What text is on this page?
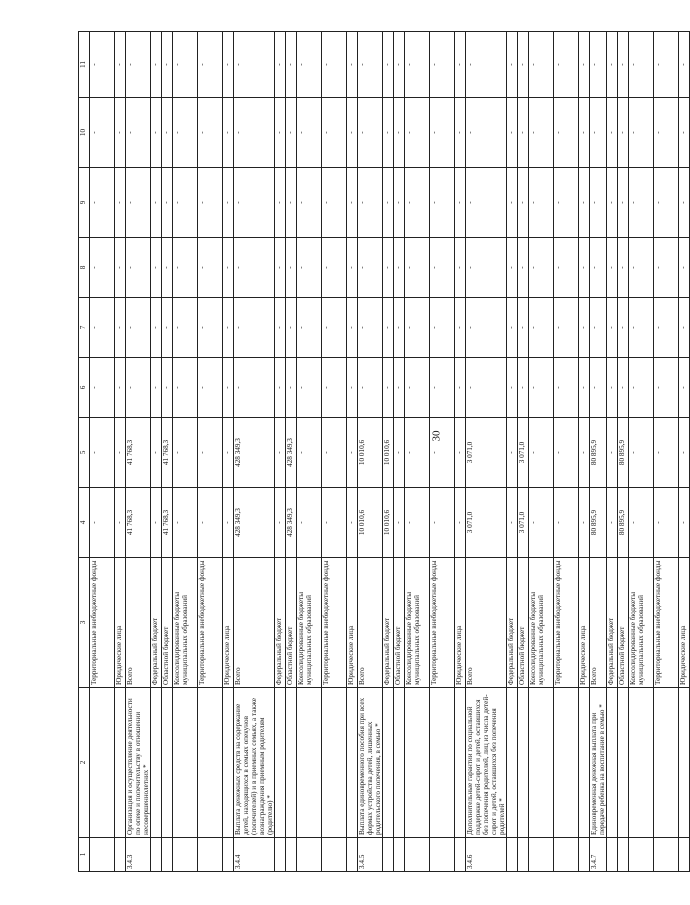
30
1	2	3	4	5	6	7	8	9	10	11
		Территориальные внебюджетные фонды	-	-	-	-	-	-	-	-
		Юридические лица	-	-	-	-	-	-	-	-
3.4.3	Организация и осуществление деятельности по опеке и попечительству в отношении несовершеннолетних *	Всего	41 768,3	41 768,3	-	-	-	-	-	-
		Федеральный бюджет	-	-	-	-	-	-	-	-
		Областной бюджет	41 768,3	41 768,3	-	-	-	-	-	-
		Консолидированные бюджеты муниципальных образований	-	-	-	-	-	-	-	-
		Территориальные внебюджетные фонды	-	-	-	-	-	-	-	-
		Юридические лица	-	-	-	-	-	-	-	-
3.4.4	Выплата денежных средств на содержание детей, находящихся в семьях опекунов (попечителей) и в приемных семьях, а также вознаграждения приемным родителям (родителю) *	Всего	428 349,3	428 349,3	-	-	-	-	-	-
		Федеральный бюджет	-	-	-	-	-	-	-	-
		Областной бюджет	428 349,3	428 349,3	-	-	-	-	-	-
		Консолидированные бюджеты муниципальных образований	-	-	-	-	-	-	-	-
		Территориальные внебюджетные фонды	-	-	-	-	-	-	-	-
		Юридические лица	-	-	-	-	-	-	-	-
3.4.5	Выплата единовременного пособия при всех формах устройства детей, лишенных родительского попечения, в семью *	Всего	10 010,6	10 010,6	-	-	-	-	-	-
		Федеральный бюджет	10 010,6	10 010,6	-	-	-	-	-	-
		Областной бюджет	-	-	-	-	-	-	-	-
		Консолидированные бюджеты муниципальных образований	-	-	-	-	-	-	-	-
		Территориальные внебюджетные фонды	-	-	-	-	-	-	-	-
		Юридические лица	-	-	-	-	-	-	-	-
3.4.6	Дополнительные гарантии по социальной поддержке детей-сирот и детей, оставшихся без попечения родителей, лиц из числа детей-сирот и детей, оставшихся без попечения родителей *	Всего	3 071,0	3 071,0	-	-	-	-	-	-
		Федеральный бюджет	-	-	-	-	-	-	-	-
		Областной бюджет	3 071,0	3 071,0	-	-	-	-	-	-
		Консолидированные бюджеты муниципальных образований	-	-	-	-	-	-	-	-
		Территориальные внебюджетные фонды	-	-	-	-	-	-	-	-
		Юридические лица	-	-	-	-	-	-	-	-
3.4.7	Единовременная денежная выплата при передаче ребенка на воспитание в семью *	Всего	80 895,9	80 895,9	-	-	-	-	-	-
		Федеральный бюджет	-	-	-	-	-	-	-	-
		Областной бюджет	80 895,9	80 895,9	-	-	-	-	-	-
		Консолидированные бюджеты муниципальных образований	-	-	-	-	-	-	-	-
		Территориальные внебюджетные фонды	-	-	-	-	-	-	-	-
		Юридические лица	-	-	-	-	-	-	-	-
